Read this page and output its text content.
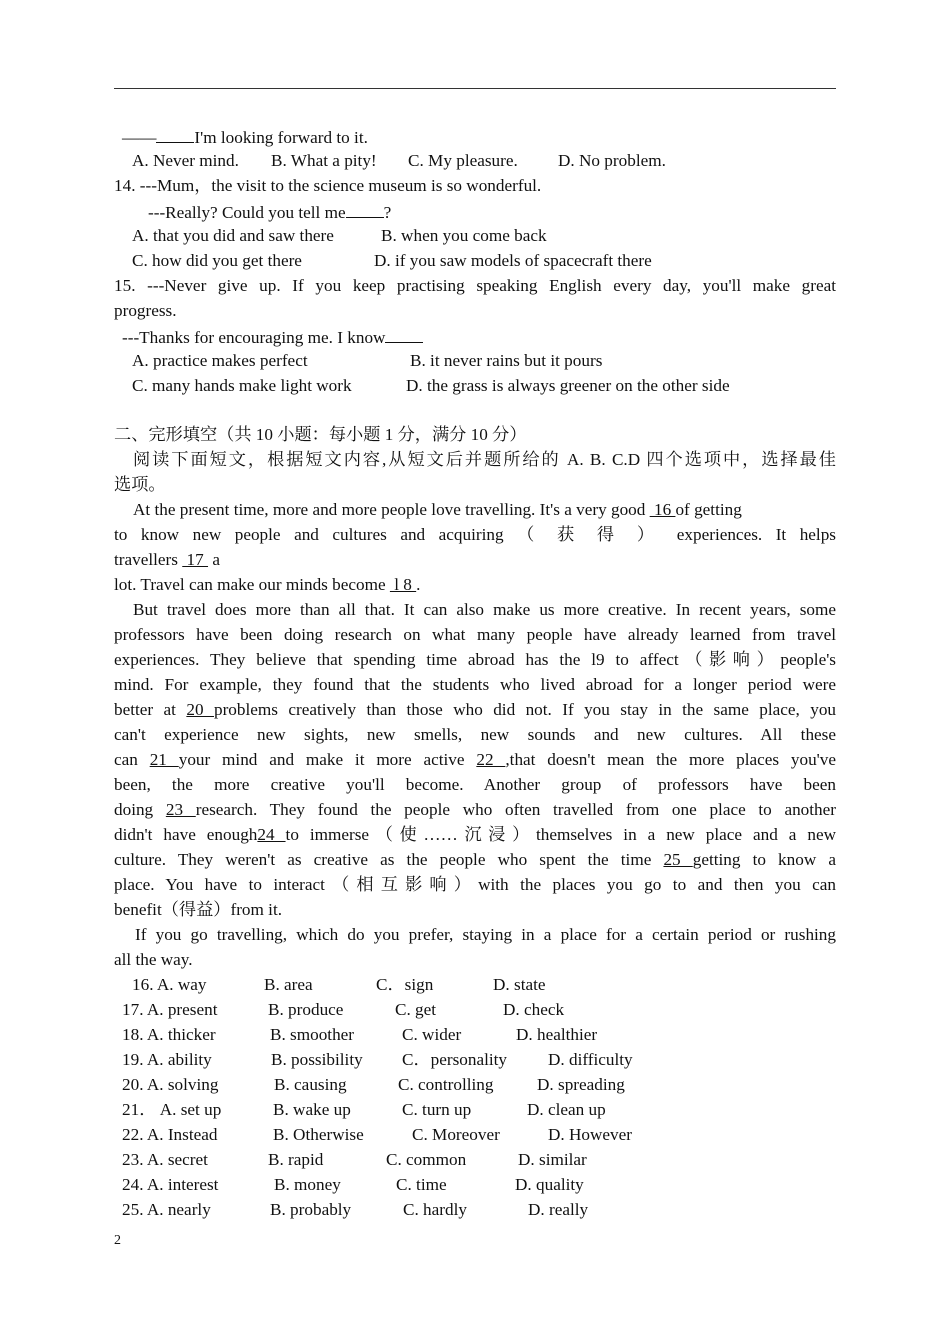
—— I'm looking forward to it.
A. Never mind. B. What a pity! C. My pleasure. D. No problem.
14. ---Mum，the visit to the science museum is so wonderful.
---Really? Could you tell me ?
A. that you did and saw there	B. when you come back
C. how did you get there	D. if you saw models of spacecraft there
15. ---Never give up. If you keep practising speaking English every day, you'll make great
progress.
---Thanks for encouraging me. I know
A. practice makes perfect	B. it never rains but it pours
C. many hands make light work	D. the grass is always greener on the other side
二、完形填空（共 10 小题：每小题 1 分，满分 10 分）
阅读下面短文，根据短文内容,从短文后并题所给的 A. B. C.D 四个选项中，选择最佳
选项。
At the present time, more and more people love travelling. It's a very good  16 of getting
to know new people and cultures and acquiring （ 获 得 ） experiences. It helps
travellers  17  a
lot. Travel can make our minds become  l 8 .
But travel does more than all that. It can also make us more creative. In recent years, some
professors have been doing research on what many people have already learned from travel
experiences. They believe that spending time abroad has the l9 to affect（影响）people's
mind. For example, they found that the students who lived abroad for a longer period were
better at 20 problems creatively than those who did not. If you stay in the same place, you
can't experience new sights, new smells, new sounds and new cultures. All these
can 21 your mind and make it more active 22 ,that doesn't mean the more places you've
been, the more creative you'll become. Another group of professors have been
doing 23 research. They found the people who often travelled from one place to another
didn't have enough24 to immerse（使……沉浸）themselves in a new place and a new
culture. They weren't as creative as the people who spent the time 25 getting to know a
place. You have to interact（相互影响）with the places you go to and then you can
benefit（得益）from it.
If you go travelling, which do you prefer, staying in a place for a certain period or rushing
all the way.
16. A. way	B. area	C．sign	D. state
17. A. present	B. produce	C. get	D. check
18. A. thicker	B. smoother	C. wider	D. healthier
19. A. ability	B. possibility C．personality D. difficulty
20. A. solving	B. causing	C. controlling	D. spreading
21． A. set up	B. wake up	C. turn up	D. clean up
22. A. Instead	B. Otherwise	C. Moreover	D. However
23. A. secret	B. rapid	C. common	D. similar
24. A. interest	B. money	C. time	D. quality
25. A. nearly	B. probably	C. hardly	D. really
2
